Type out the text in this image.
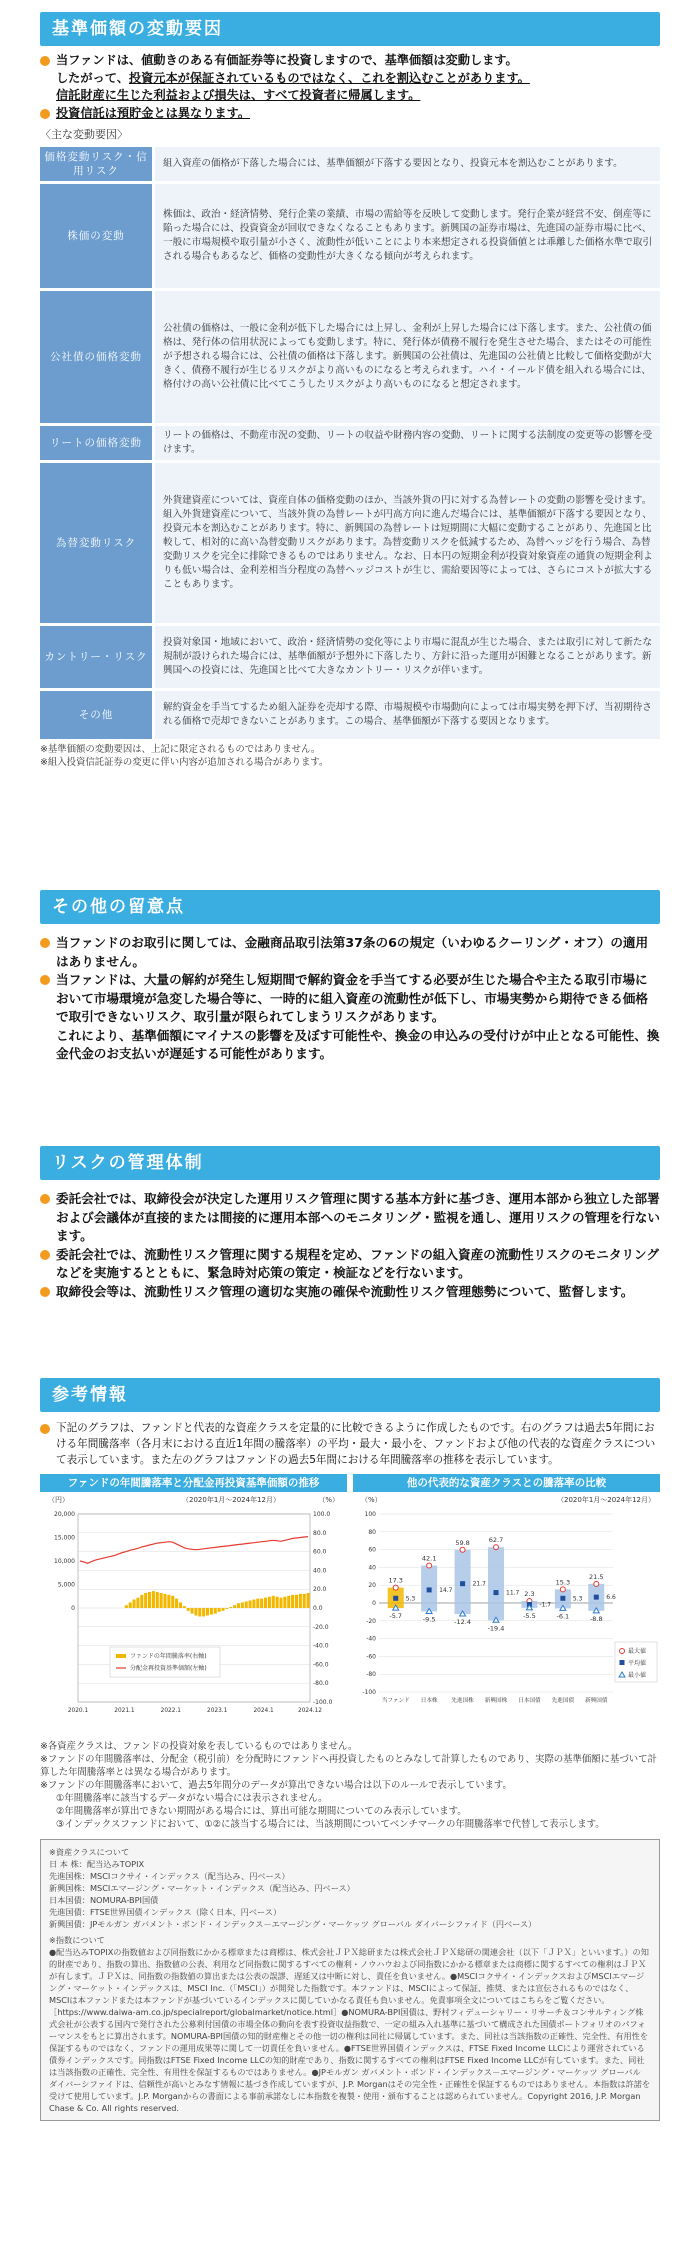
基準価額の変動要因
当ファンドは、値動きのある有価証券等に投資しますので、基準価額は変動します。
したがって、投資元本が保証されているものではなく、これを割込むことがあります。
信託財産に生じた利益および損失は、すべて投資者に帰属します。
投資信託は預貯金とは異なります。
〈主な変動要因〉
価格変動リスク・信用リスク	組入資産の価格が下落した場合には、基準価額が下落する要因となり、投資元本を割込むことがあります。
株価の変動	株価は、政治・経済情勢、発行企業の業績、市場の需給等を反映して変動します。発行企業が経営不安、倒産等に陥った場合には、投資資金が回収できなくなることもあります。新興国の証券市場は、先進国の証券市場に比べ、一般に市場規模や取引量が小さく、流動性が低いことにより本来想定される投資価値とは乖離した価格水準で取引される場合もあるなど、価格の変動性が大きくなる傾向が考えられます。
公社債の価格変動	公社債の価格は、一般に金利が低下した場合には上昇し、金利が上昇した場合には下落します。また、公社債の価格は、発行体の信用状況によっても変動します。特に、発行体が債務不履行を発生させた場合、またはその可能性が予想される場合には、公社債の価格は下落します。新興国の公社債は、先進国の公社債と比較して価格変動が大きく、債務不履行が生じるリスクがより高いものになると考えられます。ハイ・イールド債を組入れる場合には、格付けの高い公社債に比べてこうしたリスクがより高いものになると想定されます。
リートの価格変動	リートの価格は、不動産市況の変動、リートの収益や財務内容の変動、リートに関する法制度の変更等の影響を受けます。
為替変動リスク	外貨建資産については、資産自体の価格変動のほか、当該外貨の円に対する為替レートの変動の影響を受けます。組入外貨建資産について、当該外貨の為替レートが円高方向に進んだ場合には、基準価額が下落する要因となり、投資元本を割込むことがあります。特に、新興国の為替レートは短期間に大幅に変動することがあり、先進国と比較して、相対的に高い為替変動リスクがあります。為替変動リスクを低減するため、為替ヘッジを行う場合、為替変動リスクを完全に排除できるものではありません。なお、日本円の短期金利が投資対象資産の通貨の短期金利よりも低い場合は、金利差相当分程度の為替ヘッジコストが生じ、需給要因等によっては、さらにコストが拡大することもあります。
カントリー・リスク	投資対象国・地域において、政治・経済情勢の変化等により市場に混乱が生じた場合、または取引に対して新たな規制が設けられた場合には、基準価額が予想外に下落したり、方針に沿った運用が困難となることがあります。新興国への投資には、先進国と比べて大きなカントリー・リスクが伴います。
その他	解約資金を手当てするため組入証券を売却する際、市場規模や市場動向によっては市場実勢を押下げ、当初期待される価格で売却できないことがあります。この場合、基準価額が下落する要因となります。
※基準価額の変動要因は、上記に限定されるものではありません。
※組入投資信託証券の変更に伴い内容が追加される場合があります。
その他の留意点
当ファンドのお取引に関しては、金融商品取引法第37条の6の規定（いわゆるクーリング・オフ）の適用はありません。
当ファンドは、大量の解約が発生し短期間で解約資金を手当てする必要が生じた場合や主たる取引市場において市場環境が急変した場合等に、一時的に組入資産の流動性が低下し、市場実勢から期待できる価格で取引できないリスク、取引量が限られてしまうリスクがあります。
これにより、基準価額にマイナスの影響を及ぼす可能性や、換金の申込みの受付けが中止となる可能性、換金代金のお支払いが遅延する可能性があります。
リスクの管理体制
委託会社では、取締役会が決定した運用リスク管理に関する基本方針に基づき、運用本部から独立した部署および会議体が直接的または間接的に運用本部へのモニタリング・監視を通し、運用リスクの管理を行ないます。
委託会社では、流動性リスク管理に関する規程を定め、ファンドの組入資産の流動性リスクのモニタリングなどを実施するとともに、緊急時対応策の策定・検証などを行ないます。
取締役会等は、流動性リスク管理の適切な実施の確保や流動性リスク管理態勢について、監督します。
参考情報
下記のグラフは、ファンドと代表的な資産クラスを定量的に比較できるように作成したものです。右のグラフは過去5年間における年間騰落率（各月末における直近1年間の騰落率）の平均・最大・最小を、ファンドおよび他の代表的な資産クラスについて表示しています。また左のグラフはファンドの過去5年間における年間騰落率の推移を表示しています。
ファンドの年間騰落率と分配金再投資基準価額の推移
（円）	（%）
（2020年1月～2024年12月）
100.0
80.0
60.0
40.0
20.0
0.0
-20.0
-40.0
-60.0
-80.0
-100.0
20,000
15,000
10,000
5,000
0
2020.1	2021.1	2022.1	2023.1	2024.1	2024.12
ファンドの年間騰落率(右軸)
分配金再投資基準価額(左軸)
他の代表的な資産クラスとの騰落率の比較
（%）	（2020年1月～2024年12月）
100
80
60
40
20
0
-20
-40
-60
-80
-100
17.3
5.3
-5.7
当ファンド
42.1
14.7
-9.5
日本株
59.8
21.7
-12.4
先進国株
62.7
11.7
-19.4
新興国株
2.3
-1.7
-5.5
日本国債
15.3
5.3
-6.1
先進国債
21.5
6.6
-8.8
新興国債
最大値
平均値
最小値
※各資産クラスは、ファンドの投資対象を表しているものではありません。
※ファンドの年間騰落率は、分配金（税引前）を分配時にファンドへ再投資したものとみなして計算したものであり、実際の基準価額に基づいて計算した年間騰落率とは異なる場合があります。
※ファンドの年間騰落率において、過去5年間分のデータが算出できない場合は以下のルールで表示しています。
①年間騰落率に該当するデータがない場合には表示されません。
②年間騰落率が算出できない期間がある場合には、算出可能な期間についてのみ表示しています。
③インデックスファンドにおいて、①②に該当する場合には、当該期間についてベンチマークの年間騰落率で代替して表示します。
※資産クラスについて
日 本 株：配当込みTOPIX
先進国株：MSCIコクサイ・インデックス（配当込み、円ベース）
新興国株：MSCIエマージング・マーケット・インデックス（配当込み、円ベース）
日本国債：NOMURA-BPI国債
先進国債：FTSE世界国債インデックス（除く日本、円ベース）
新興国債：JPモルガン ガバメント・ボンド・インデックス－エマージング・マーケッツ グローバル ダイバーシファイド（円ベース）
※指数について
●配当込みTOPIXの指数値および同指数にかかる標章または商標は、株式会社ＪＰＸ総研または株式会社ＪＰＸ総研の関連会社（以下「ＪＰＸ」といいます。）の知的財産であり、指数の算出、指数値の公表、利用など同指数に関するすべての権利・ノウハウおよび同指数にかかる標章または商標に関するすべての権利はＪＰＸが有します。ＪＰＸは、同指数の指数値の算出または公表の誤謬、遅延又は中断に対し、責任を負いません。●MSCIコクサイ・インデックスおよびMSCIエマージング・マーケット・インデックスは、MSCI Inc.（「MSCI」）が開発した指数です。本ファンドは、MSCIによって保証、推奨、または宣伝されるものではなく、MSCIは本ファンドまたは本ファンドが基づいているインデックスに関していかなる責任も負いません。免責事項全文についてはこちらをご覧ください。［https://www.daiwa-am.co.jp/specialreport/globalmarket/notice.html］●NOMURA-BPI国債は、野村フィデューシャリー・リサーチ＆コンサルティング株式会社が公表する国内で発行された公募利付国債の市場全体の動向を表す投資収益指数で、一定の組み入れ基準に基づいて構成された国債ポートフォリオのパフォーマンスをもとに算出されます。NOMURA-BPI国債の知的財産権とその他一切の権利は同社に帰属しています。また、同社は当該指数の正確性、完全性、有用性を保証するものではなく、ファンドの運用成果等に関して一切責任を負いません。●FTSE世界国債インデックスは、FTSE Fixed Income LLCにより運営されている債券インデックスです。同指数はFTSE Fixed Income LLCの知的財産であり、指数に関するすべての権利はFTSE Fixed Income LLCが有しています。また、同社は当該指数の正確性、完全性、有用性を保証するものではありません。●JPモルガン ガバメント・ボンド・インデックス－エマージング・マーケッツ グローバル ダイバーシファイドは、信頼性が高いとみなす情報に基づき作成していますが、J.P. Morganはその完全性・正確性を保証するものではありません。本指数は許諾を受けて使用しています。J.P. Morganからの書面による事前承諾なしに本指数を複製・使用・頒布することは認められていません。Copyright 2016, J.P. Morgan Chase & Co. All rights reserved.
